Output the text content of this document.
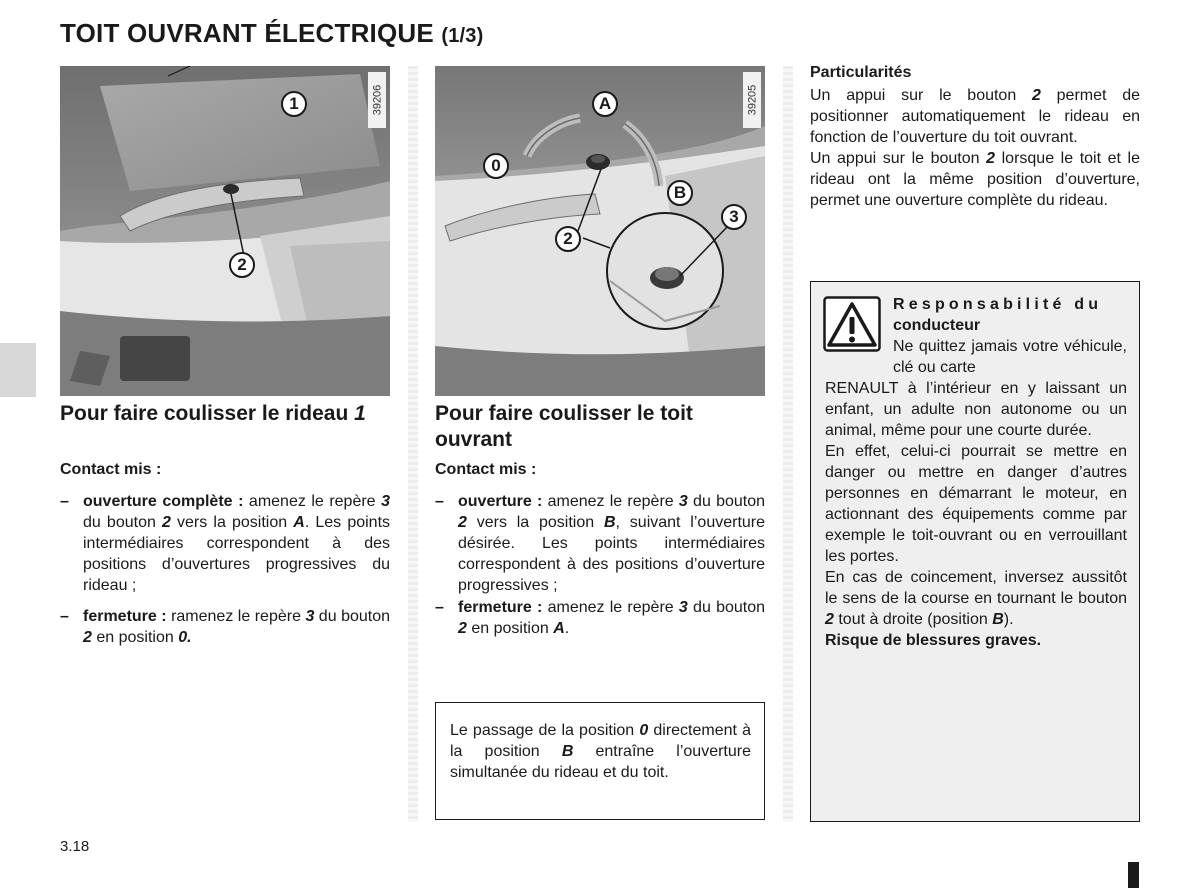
TOIT OUVRANT ÉLECTRIQUE (1/3)
39206
1
2
39205
A
0
B
3
2
Pour faire coulisser le rideau 1
Contact mis :
– ouverture complète : amenez le repère 3 du bouton 2 vers la position A. Les points intermédiaires correspondent à des positions d’ouvertures progressives du rideau ;
– fermeture : ramenez le repère 3 du bouton 2 en position 0.
Pour faire coulisser le toit ouvrant
Contact mis :
– ouverture : amenez le repère 3 du bouton 2 vers la position B, suivant l’ouverture désirée. Les points intermédiaires correspondent à des positions d’ouverture progressives ;
– fermeture : amenez le repère 3 du bouton 2 en position A.
Le passage de la position 0 directement à la position B entraîne l’ouverture simultanée du rideau et du toit.
Particularités
Un appui sur le bouton 2 permet de positionner automatiquement le rideau en fonction de l’ouverture du toit ouvrant.
Un appui sur le bouton 2 lorsque le toit et le rideau ont la même position d’ouverture, permet une ouverture complète du rideau.
Responsabilité du
conducteur
Ne quittez jamais votre véhicule, clé ou carte
RENAULT à l’intérieur en y laissant un enfant, un adulte non autonome ou un animal, même pour une courte durée.
En effet, celui-ci pourrait se mettre en danger ou mettre en danger d’autres personnes en démarrant le moteur, en actionnant des équipements comme par exemple le toit-ouvrant ou en verrouillant les portes.
En cas de coincement, inversez aussitôt le sens de la course en tournant le bouton 2 tout à droite (position B).
Risque de blessures graves.
3.18
